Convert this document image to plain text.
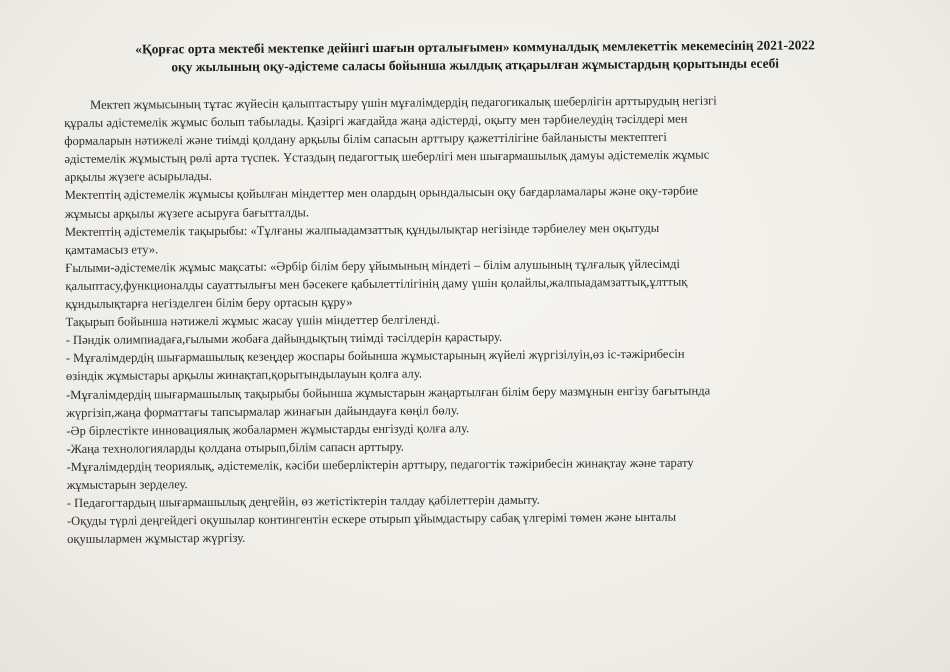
«Қорғас орта мектебі мектепке дейінгі шағын орталығымен» коммуналдық мемлекеттік мекемесінің 2021-2022
оқу жылының оқу-әдістеме саласы бойынша жылдық атқарылған жұмыстардың қорытынды есебі
Мектеп жұмысының тұтас жүйесін қалыптастыру үшін мұғалімдердің педагогикалық шеберлігін арттырудың негізгі
құралы әдістемелік жұмыс болып табылады. Қазіргі жағдайда жаңа әдістерді, оқыту мен тәрбиелеудің тәсілдері мен
формаларын нәтижелі және тиімді қолдану арқылы білім сапасын арттыру қажеттілігіне байланысты мектептегі
әдістемелік жұмыстың рөлі арта түспек. Ұстаздың педагогтық шеберлігі мен шығармашылық дамуы әдістемелік жұмыс
арқылы жүзеге асырылады.
Мектептің әдістемелік жұмысы қойылған міндеттер мен олардың орындалысын оқу бағдарламалары және оқу-тәрбие
жұмысы арқылы жүзеге асыруға бағытталды.
Мектептің әдістемелік тақырыбы: «Тұлғаны жалпыадамзаттық құндылықтар негізінде тәрбиелеу мен оқытуды
қамтамасыз ету».
Ғылыми-әдістемелік жұмыс мақсаты: «Әрбір білім беру ұйымының міндеті – білім алушының тұлғалық үйлесімді
қалыптасу,функционалды сауаттылығы мен бәсекеге қабылеттілігінің даму үшін қолайлы,жалпыадамзаттық,ұлттық
құндылықтарға негізделген білім беру ортасын құру»
Тақырып бойынша нәтижелі жұмыс жасау үшін міндеттер белгіленді.
- Пәндік олимпиадаға,ғылыми жобаға дайындықтың тиімді тәсілдерін қарастыру.
- Мұғалімдердің шығармашылық кезеңдер жоспары бойынша жұмыстарының жүйелі жүргізілуін,өз іс-тәжірибесін
өзіндік жұмыстары арқылы жинақтап,қорытындылауын қолға алу.
-Мұғалімдердің шығармашылық тақырыбы бойынша жұмыстарын жаңартылған білім беру мазмұнын енгізу бағытында
жүргізіп,жаңа форматтағы тапсырмалар жинағын дайындауға көңіл бөлу.
-Әр бірлестікте инновациялық жобалармен жұмыстарды енгізуді қолға алу.
-Жаңа технологияларды қолдана отырып,білім сапасн арттыру.
-Мұғалімдердің теориялық, әдістемелік, кәсіби шеберліктерін арттыру, педагогтік тәжірибесін жинақтау және тарату
жұмыстарын зерделеу.
- Педагогтардың шығармашылық деңгейін, өз жетістіктерін талдау қабілеттерін дамыту.
-Оқуды түрлі деңгейдегі оқушылар контингентін ескере отырып ұйымдастыру сабақ үлгерімі төмен және ынталы
оқушылармен жұмыстар жүргізу.
